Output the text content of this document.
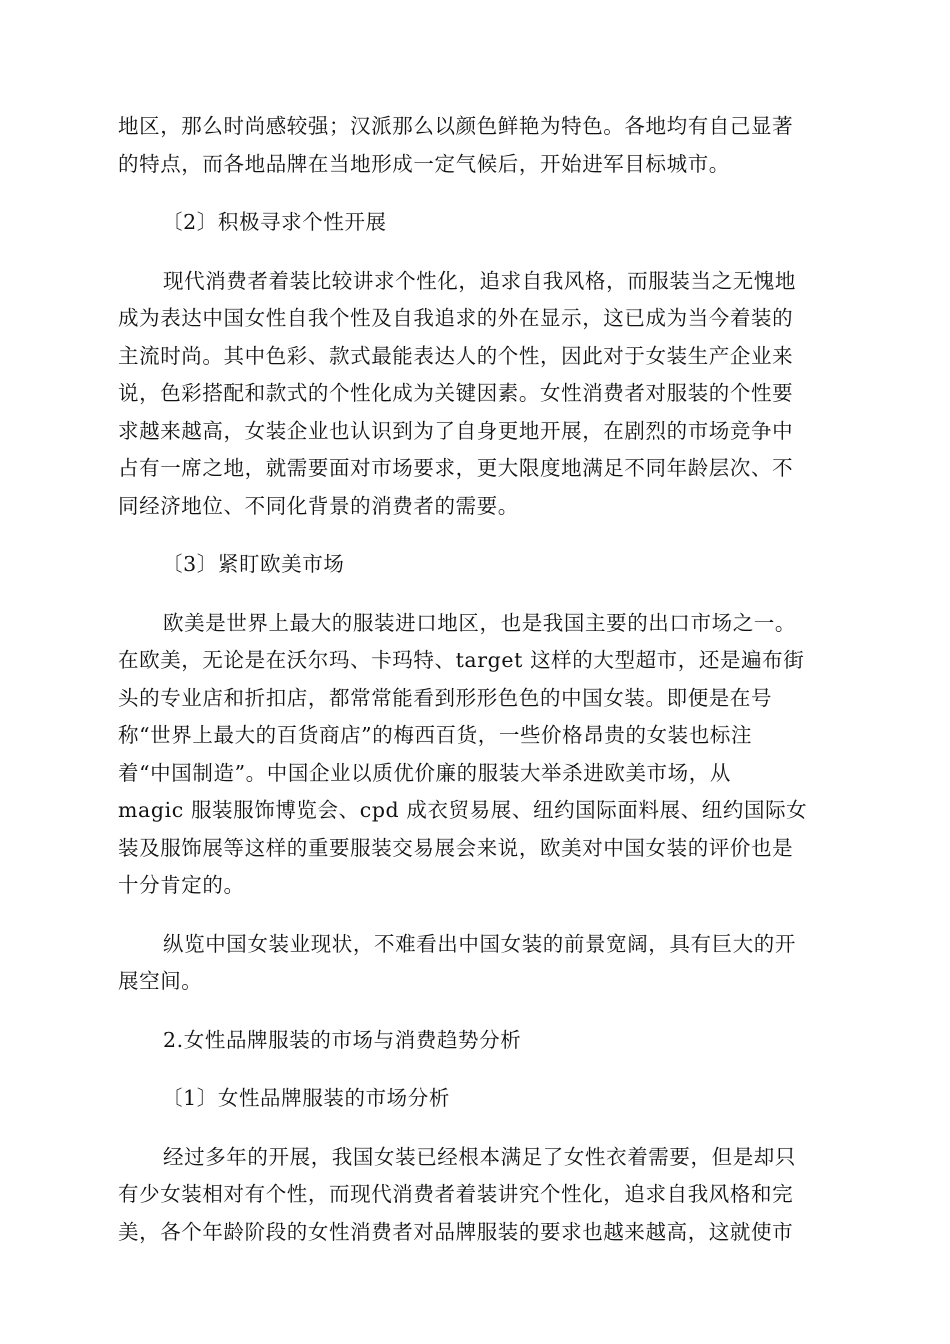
地区，那么时尚感较强；汉派那么以颜色鲜艳为特色。各地均有自己显著
的特点，而各地品牌在当地形成一定气候后，开始进军目标城市。
〔2〕积极寻求个性开展
现代消费者着装比较讲求个性化，追求自我风格，而服装当之无愧地
成为表达中国女性自我个性及自我追求的外在显示，这已成为当今着装的
主流时尚。其中色彩、款式最能表达人的个性，因此对于女装生产企业来
说，色彩搭配和款式的个性化成为关键因素。女性消费者对服装的个性要
求越来越高，女装企业也认识到为了自身更地开展，在剧烈的市场竞争中
占有一席之地，就需要面对市场要求，更大限度地满足不同年龄层次、不
同经济地位、不同化背景的消费者的需要。
〔3〕紧盯欧美市场
欧美是世界上最大的服装进口地区，也是我国主要的出口市场之一。
在欧美，无论是在沃尔玛、卡玛特、target 这样的大型超市，还是遍布街
头的专业店和折扣店，都常常能看到形形色色的中国女装。即便是在号
称“世界上最大的百货商店”的梅西百货，一些价格昂贵的女装也标注
着“中国制造”。中国企业以质优价廉的服装大举杀进欧美市场，从
magic 服装服饰博览会、cpd 成衣贸易展、纽约国际面料展、纽约国际女
装及服饰展等这样的重要服装交易展会来说，欧美对中国女装的评价也是
十分肯定的。
纵览中国女装业现状，不难看出中国女装的前景宽阔，具有巨大的开
展空间。
2.女性品牌服装的市场与消费趋势分析
〔1〕女性品牌服装的市场分析
经过多年的开展，我国女装已经根本满足了女性衣着需要，但是却只
有少女装相对有个性，而现代消费者着装讲究个性化，追求自我风格和完
美，各个年龄阶段的女性消费者对品牌服装的要求也越来越高，这就使市
